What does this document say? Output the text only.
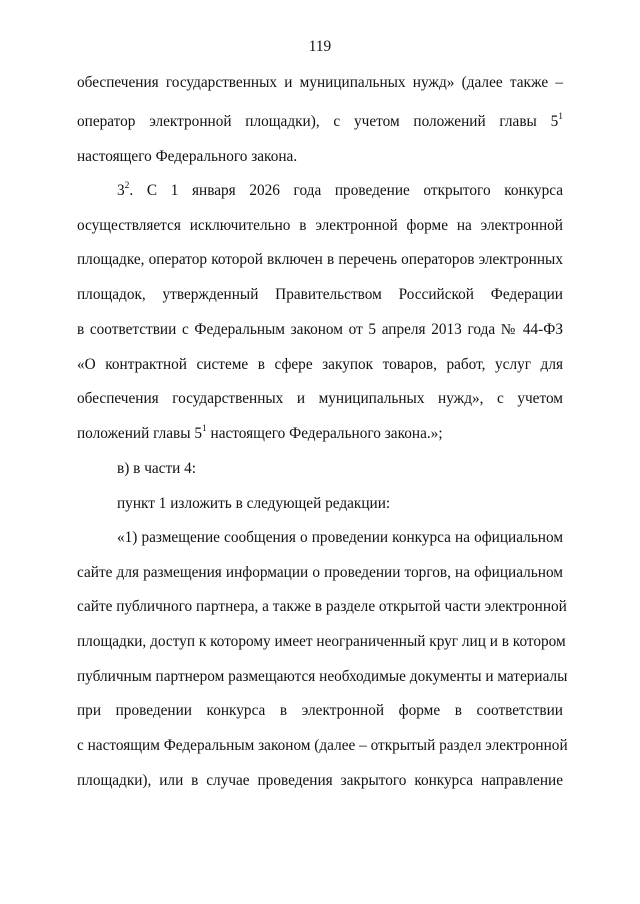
119
обеспечения государственных и муниципальных нужд» (далее также –
оператор электронной площадки), с учетом положений главы $5^1$
настоящего Федерального закона.
$3^2$. С 1 января 2026 года проведение открытого конкурса
осуществляется исключительно в электронной форме на электронной
площадке, оператор которой включен в перечень операторов электронных
площадок, утвержденный Правительством Российской Федерации
в соответствии с Федеральным законом от 5 апреля 2013 года № 44-ФЗ
«О контрактной системе в сфере закупок товаров, работ, услуг для
обеспечения государственных и муниципальных нужд», с учетом
положений главы $5^1$ настоящего Федерального закона.»;
в) в части 4:
пункт 1 изложить в следующей редакции:
«1) размещение сообщения о проведении конкурса на официальном
сайте для размещения информации о проведении торгов, на официальном
сайте публичного партнера, а также в разделе открытой части электронной
площадки, доступ к которому имеет неограниченный круг лиц и в котором
публичным партнером размещаются необходимые документы и материалы
при проведении конкурса в электронной форме в соответствии
с настоящим Федеральным законом (далее – открытый раздел электронной
площадки), или в случае проведения закрытого конкурса направление
